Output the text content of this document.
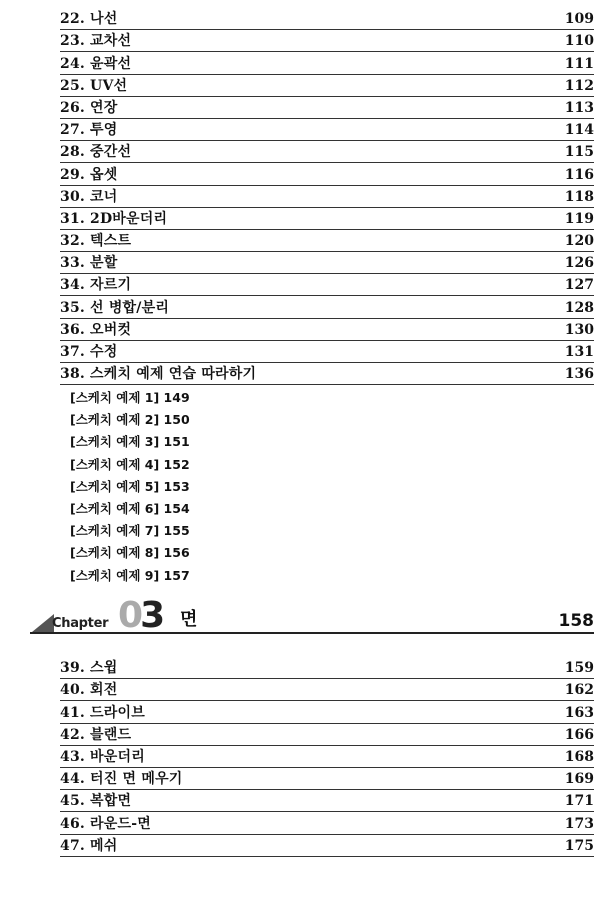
22. 나선	109
23. 교차선	110
24. 윤곽선	111
25. UV선	112
26. 연장	113
27. 투영	114
28. 중간선	115
29. 옵셋	116
30. 코너	118
31. 2D바운더리	119
32. 텍스트	120
33. 분할	126
34. 자르기	127
35. 선 병합/분리	128
36. 오버컷	130
37. 수정	131
38. 스케치 예제 연습 따라하기	136
[스케치 예제 1] 149
[스케치 예제 2] 150
[스케치 예제 3] 151
[스케치 예제 4] 152
[스케치 예제 5] 153
[스케치 예제 6] 154
[스케치 예제 7] 155
[스케치 예제 8] 156
[스케치 예제 9] 157
Chapter 03 면	158
39. 스윕	159
40. 회전	162
41. 드라이브	163
42. 블랜드	166
43. 바운더리	168
44. 터진 면 메우기	169
45. 복합면	171
46. 라운드-면	173
47. 메쉬	175
